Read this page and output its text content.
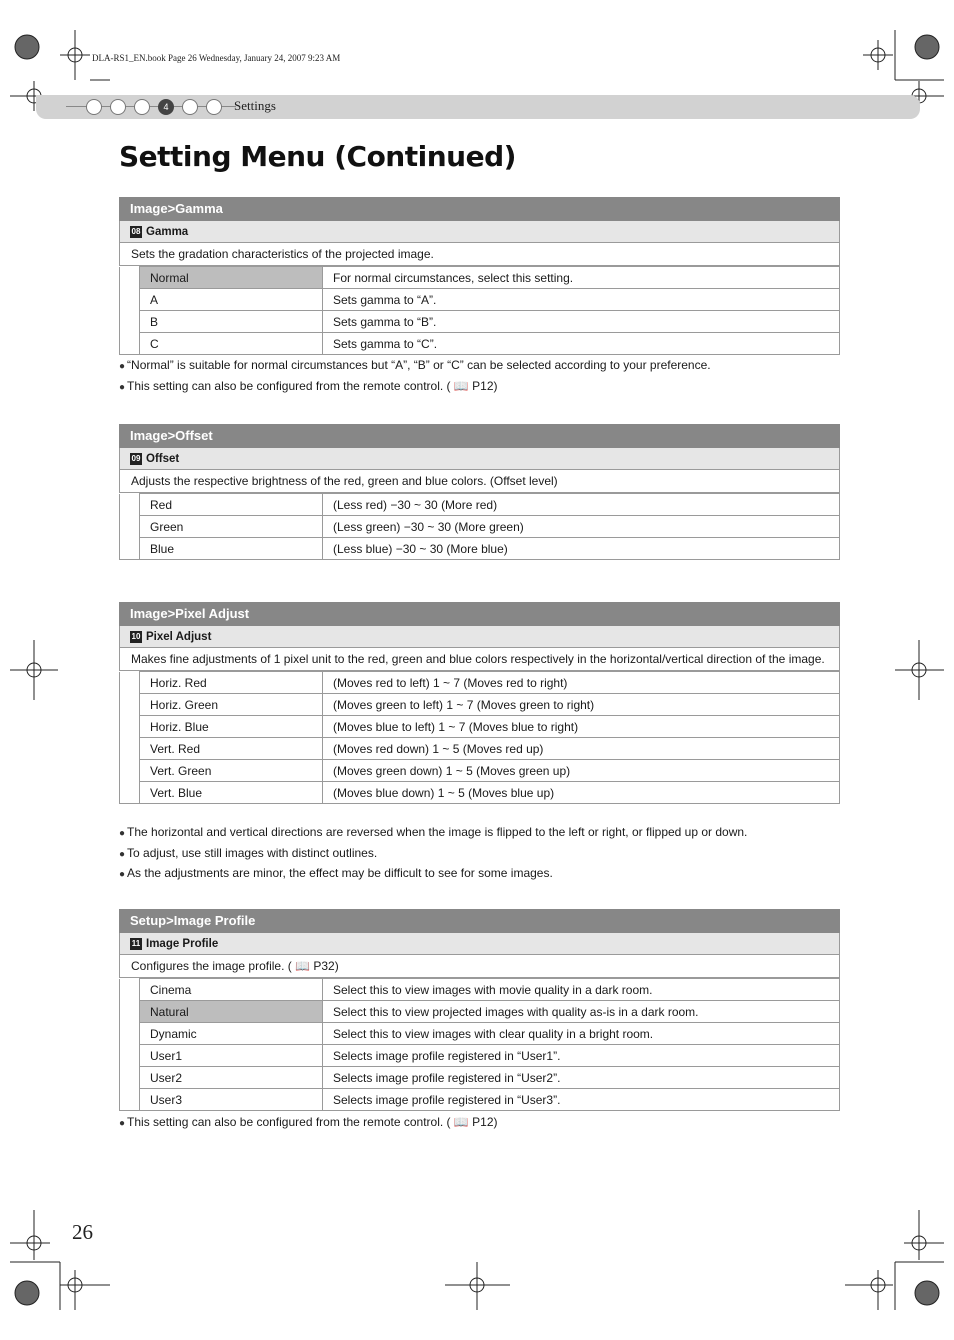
DLA-RS1_EN.book Page 26 Wednesday, January 24, 2007 9:23 AM
4	Settings
Setting Menu (Continued)
Image>Gamma
08 Gamma
Sets the gradation characteristics of the projected image.
	Normal	For normal circumstances, select this setting.
	A	Sets gamma to “A”.
	B	Sets gamma to “B”.
	C	Sets gamma to “C”.
● “Normal” is suitable for normal circumstances but “A”, “B” or “C” can be selected according to your preference.
● This setting can also be configured from the remote control. ( 📖 P12)
Image>Offset
09 Offset
Adjusts the respective brightness of the red, green and blue colors. (Offset level)
	Red	(Less red) −30 ~ 30 (More red)
	Green	(Less green) −30 ~ 30 (More green)
	Blue	(Less blue) −30 ~ 30 (More blue)
Image>Pixel Adjust
10 Pixel Adjust
Makes fine adjustments of 1 pixel unit to the red, green and blue colors respectively in the horizontal/vertical direction of the image.
	Horiz. Red	(Moves red to left) 1 ~ 7 (Moves red to right)
	Horiz. Green	(Moves green to left) 1 ~ 7 (Moves green to right)
	Horiz. Blue	(Moves blue to left) 1 ~ 7 (Moves blue to right)
	Vert. Red	(Moves red down) 1 ~ 5 (Moves red up)
	Vert. Green	(Moves green down) 1 ~ 5 (Moves green up)
	Vert. Blue	(Moves blue down) 1 ~ 5 (Moves blue up)
● The horizontal and vertical directions are reversed when the image is flipped to the left or right, or flipped up or down.
● To adjust, use still images with distinct outlines.
● As the adjustments are minor, the effect may be difficult to see for some images.
Setup>Image Profile
11 Image Profile
Configures the image profile. ( 📖 P32)
	Cinema	Select this to view images with movie quality in a dark room.
	Natural	Select this to view projected images with quality as-is in a dark room.
	Dynamic	Select this to view images with clear quality in a bright room.
	User1	Selects image profile registered in “User1”.
	User2	Selects image profile registered in “User2”.
	User3	Selects image profile registered in “User3”.
● This setting can also be configured from the remote control. ( 📖 P12)
26
